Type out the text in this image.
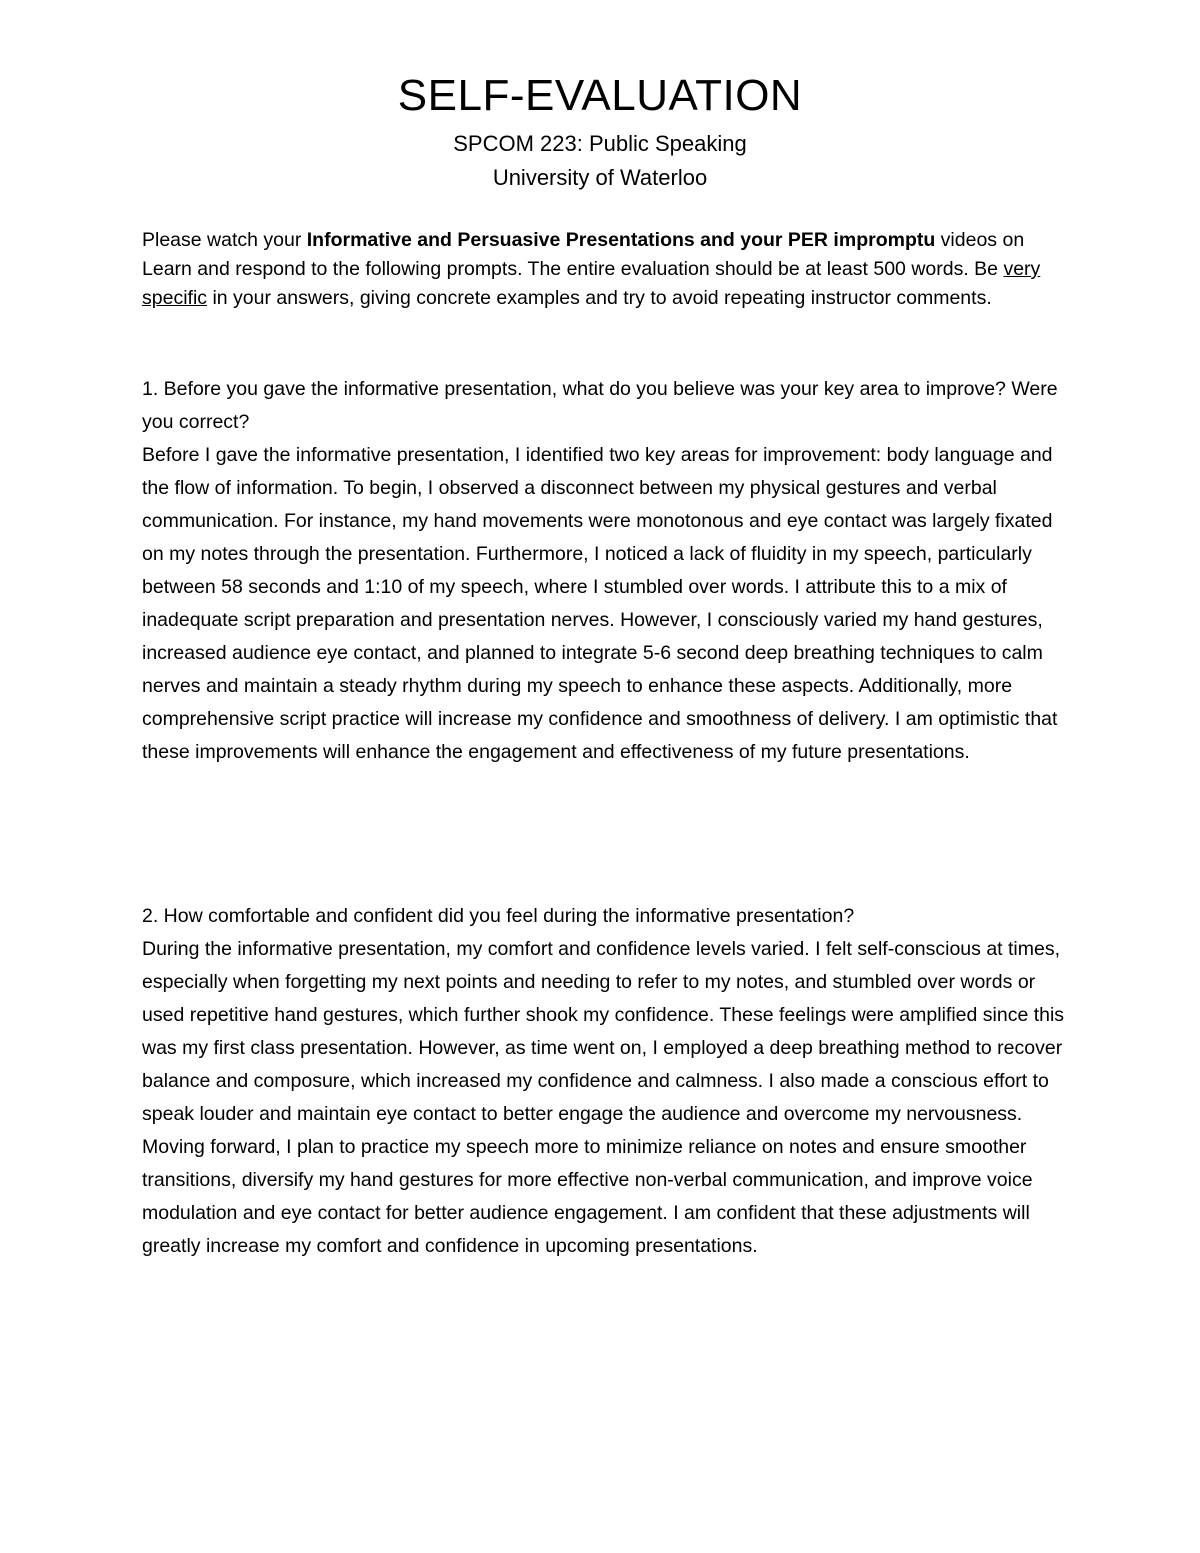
SELF-EVALUATION
SPCOM 223: Public Speaking
University of Waterloo

Please watch your Informative and Persuasive Presentations and your PER impromptu videos on Learn and respond to the following prompts. The entire evaluation should be at least 500 words. Be very specific in your answers, giving concrete examples and try to avoid repeating instructor comments.

1. Before you gave the informative presentation, what do you believe was your key area to improve? Were you correct?

Before I gave the informative presentation, I identified two key areas for improvement: body language and the flow of information. To begin, I observed a disconnect between my physical gestures and verbal communication. For instance, my hand movements were monotonous and eye contact was largely fixated on my notes through the presentation. Furthermore, I noticed a lack of fluidity in my speech, particularly between 58 seconds and 1:10 of my speech, where I stumbled over words. I attribute this to a mix of inadequate script preparation and presentation nerves. However, I consciously varied my hand gestures, increased audience eye contact, and planned to integrate 5-6 second deep breathing techniques to calm nerves and maintain a steady rhythm during my speech to enhance these aspects. Additionally, more comprehensive script practice will increase my confidence and smoothness of delivery. I am optimistic that these improvements will enhance the engagement and effectiveness of my future presentations.

2. How comfortable and confident did you feel during the informative presentation?

During the informative presentation, my comfort and confidence levels varied. I felt self-conscious at times, especially when forgetting my next points and needing to refer to my notes, and stumbled over words or used repetitive hand gestures, which further shook my confidence. These feelings were amplified since this was my first class presentation. However, as time went on, I employed a deep breathing method to recover balance and composure, which increased my confidence and calmness. I also made a conscious effort to speak louder and maintain eye contact to better engage the audience and overcome my nervousness. Moving forward, I plan to practice my speech more to minimize reliance on notes and ensure smoother transitions, diversify my hand gestures for more effective non-verbal communication, and improve voice modulation and eye contact for better audience engagement. I am confident that these adjustments will greatly increase my comfort and confidence in upcoming presentations.
